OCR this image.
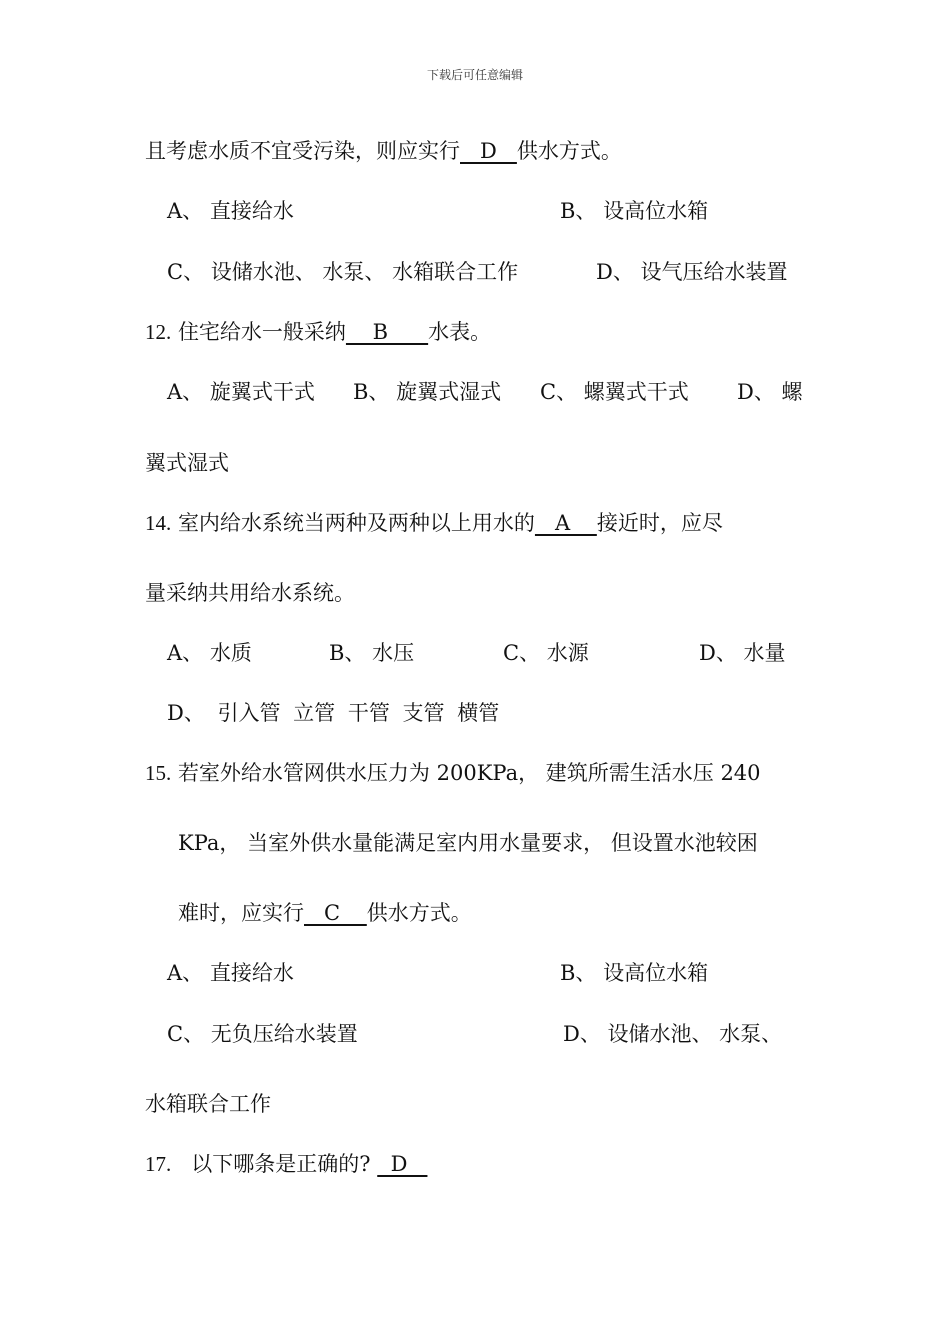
下载后可任意编辑
且考虑水质不宜受污染，则应实行   D   供水方式。
A、 直接给水	B、 设高位水箱
C、 设储水池、 水泵、 水箱联合工作	D、 设气压给水装置
12. 住宅给水一般采纳    B      水表。
A、 旋翼式干式 B、 旋翼式湿式 C、 螺翼式干式 D、 螺
翼式湿式
14. 室内给水系统当两种及两种以上用水的   A    接近时，应尽
量采纳共用给水系统。
A、 水质	B、 水压	C、 水源	D、 水量
D、 引入管 立管 干管 支管 横管
15. 若室外给水管网供水压力为 200KPa， 建筑所需生活水压 240
KPa， 当室外供水量能满足室内用水量要求， 但设置水池较困
难时，应实行   C    供水方式。
A、 直接给水	B、 设高位水箱
C、 无负压给水装置	D、 设储水池、 水泵、
水箱联合工作
17. 以下哪条是正确的?   D
